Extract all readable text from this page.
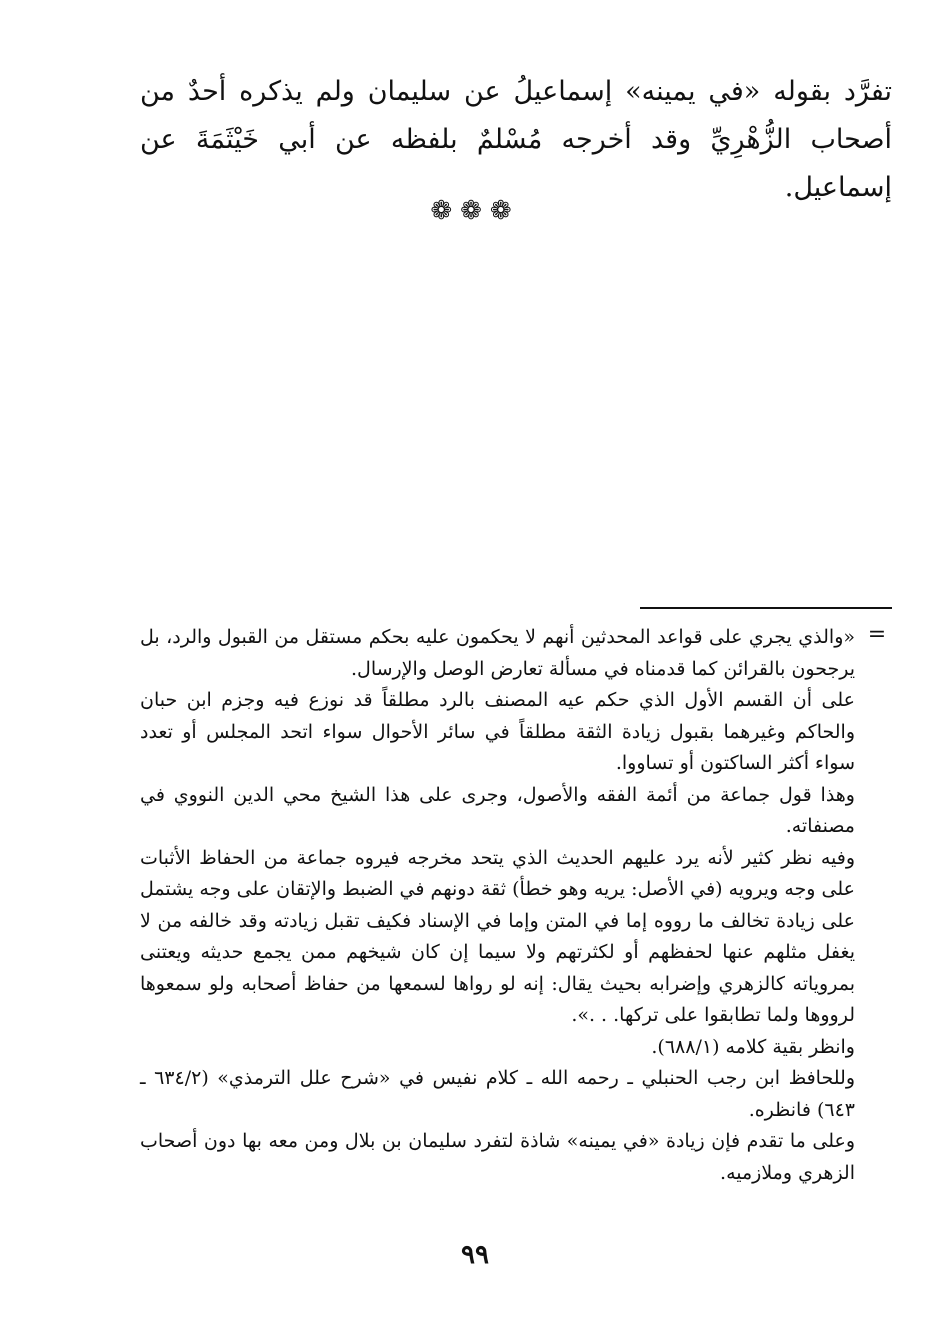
تفرَّد بقوله «في يمينه» إسماعيلُ عن سليمان ولم يذكره أحدٌ من أصحاب الزُّهْرِيِّ وقد أخرجه مُسْلمٌ بلفظه عن أبي خَيْثَمَةَ عن إسماعيل.

❁❁❁
=

«والذي يجري على قواعد المحدثين أنهم لا يحكمون عليه بحكم مستقل من القبول والرد، بل يرجحون بالقرائن كما قدمناه في مسألة تعارض الوصل والإرسال.

على أن القسم الأول الذي حكم عيه المصنف بالرد مطلقاً قد نوزع فيه وجزم ابن حبان والحاكم وغيرهما بقبول زيادة الثقة مطلقاً في سائر الأحوال سواء اتحد المجلس أو تعدد سواء أكثر الساكتون أو تساووا.

وهذا قول جماعة من أئمة الفقه والأصول، وجرى على هذا الشيخ محي الدين النووي في مصنفاته.

وفيه نظر كثير لأنه يرد عليهم الحديث الذي يتحد مخرجه فيروه جماعة من الحفاظ الأثبات على وجه ويرويه (في الأصل: يريه وهو خطأ) ثقة دونهم في الضبط والإتقان على وجه يشتمل على زيادة تخالف ما رووه إما في المتن وإما في الإسناد فكيف تقبل زيادته وقد خالفه من لا يغفل مثلهم عنها لحفظهم أو لكثرتهم ولا سيما إن كان شيخهم ممن يجمع حديثه ويعتنى بمروياته كالزهري وإضرابه بحيث يقال: إنه لو رواها لسمعها من حفاظ أصحابه ولو سمعوها لرووها ولما تطابقوا على تركها. . .».

وانظر بقية كلامه (٦٨٨/١).

وللحافظ ابن رجب الحنبلي ـ رحمه الله ـ كلام نفيس في «شرح علل الترمذي» (٦٣٤/٢ ـ ٦٤٣) فانظره.

وعلى ما تقدم فإن زيادة «في يمينه» شاذة لتفرد سليمان بن بلال ومن معه بها دون أصحاب الزهري وملازميه.

٩٩
